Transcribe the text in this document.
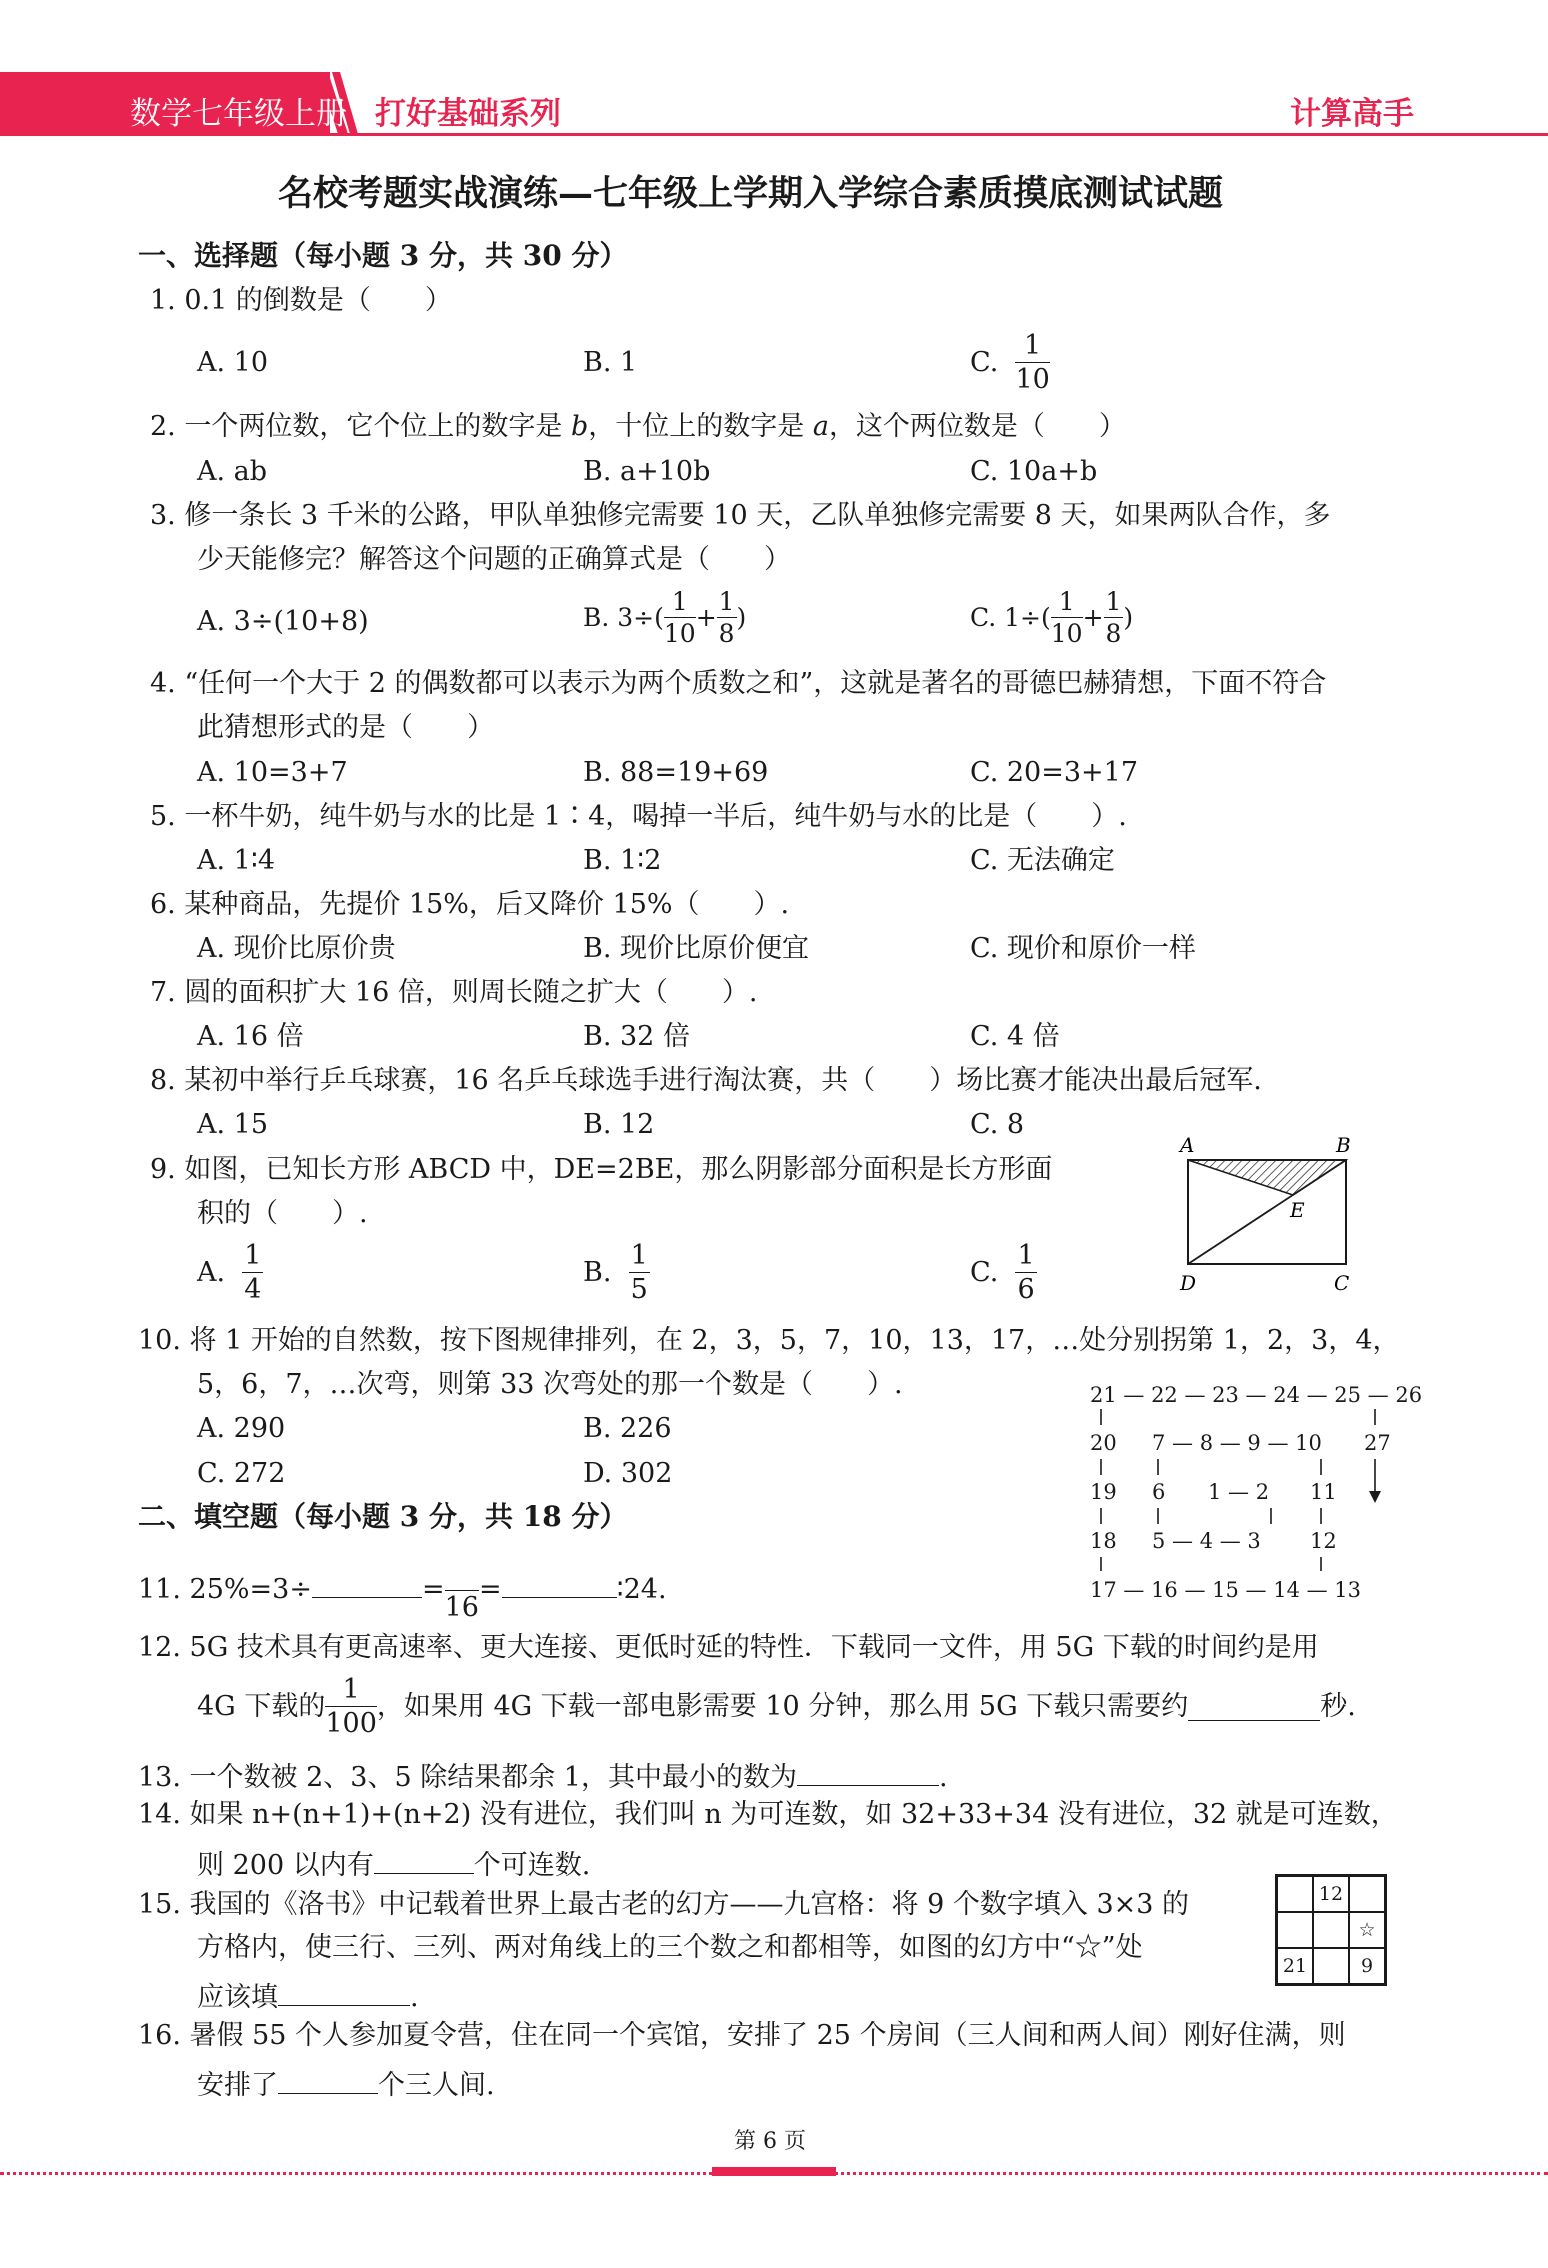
数学七年级上册 打好基础系列	计算高手
名校考题实战演练—七年级上学期入学综合素质摸底测试试题
一、选择题（每小题 3 分，共 30 分）
1. 0.1 的倒数是（　　）
A. 10	B. 1	C. $\frac{1}{10}$
2. 一个两位数，它个位上的数字是 b，十位上的数字是 a，这个两位数是（　　）
A. ab	B. a+10b	C. 10a+b
3. 修一条长 3 千米的公路，甲队单独修完需要 10 天，乙队单独修完需要 8 天，如果两队合作，多
少天能修完？解答这个问题的正确算式是（　　）
A. 3÷(10+8)	B. $3\div( \frac{1}{10} + \frac{1}{8}$ )	C. $1\div( \frac{1}{10} + \frac{1}{8}$ )
4. “任何一个大于 2 的偶数都可以表示为两个质数之和”，这就是著名的哥德巴赫猜想，下面不符合
此猜想形式的是（　　）
A. 10=3+7	B. 88=19+69	C. 20=3+17
5. 一杯牛奶，纯牛奶与水的比是 1∶4，喝掉一半后，纯牛奶与水的比是（　　）.
A. 1∶4	B. 1∶2	C. 无法确定
6. 某种商品，先提价 15%，后又降价 15%（　　）.
A. 现价比原价贵	B. 现价比原价便宜	C. 现价和原价一样
7. 圆的面积扩大 16 倍，则周长随之扩大（　　）.
A. 16 倍	B. 32 倍	C. 4 倍
8. 某初中举行乒乓球赛，16 名乒乓球选手进行淘汰赛，共（　　）场比赛才能决出最后冠军.
A. 15	B. 12	C. 8
9. 如图，已知长方形 ABCD 中，DE=2BE，那么阴影部分面积是长方形面
积的（　　）.
A. $\frac{1}{4}$	B. $\frac{1}{5}$	C. $\frac{1}{6}$
A	B
E
D	C
10. 将 1 开始的自然数，按下图规律排列，在 2，3，5，7，10，13，17，…处分别拐第 1，2，3，4，
5，6，7，…次弯，则第 33 次弯处的那一个数是（　　）.
A. 290	B. 226
C. 272	D. 302
21 — 22 — 23 — 24 — 25 — 26
20 7 — 8 — 9 — 10 27
19 6 1 — 2 11
18 5 — 4 — 3 12
17 — 16 — 15 — 14 — 13
二、填空题（每小题 3 分，共 18 分）
11. 25%=3÷	=
16
=	∶24.
12. 5G 技术具有更高速率、更大连接、更低时延的特性．下载同一文件，用 5G 下载的时间约是用
4G 下载的 $\frac{1}{100}$ ，如果用 4G 下载一部电影需要 10 分钟，那么用 5G 下载只需要约	秒.
13. 一个数被 2、3、5 除结果都余 1，其中最小的数为	.
14. 如果 n+(n+1)+(n+2) 没有进位，我们叫 n 为可连数，如 32+33+34 没有进位，32 就是可连数，
则 200 以内有	个可连数.
15. 我国的《洛书》中记载着世界上最古老的幻方——九宫格：将 9 个数字填入 3×3 的
方格内，使三行、三列、两对角线上的三个数之和都相等，如图的幻方中“☆”处
应该填	.
12
☆
21	9
16. 暑假 55 个人参加夏令营，住在同一个宾馆，安排了 25 个房间（三人间和两人间）刚好住满，则
安排了	个三人间.
第 6 页
